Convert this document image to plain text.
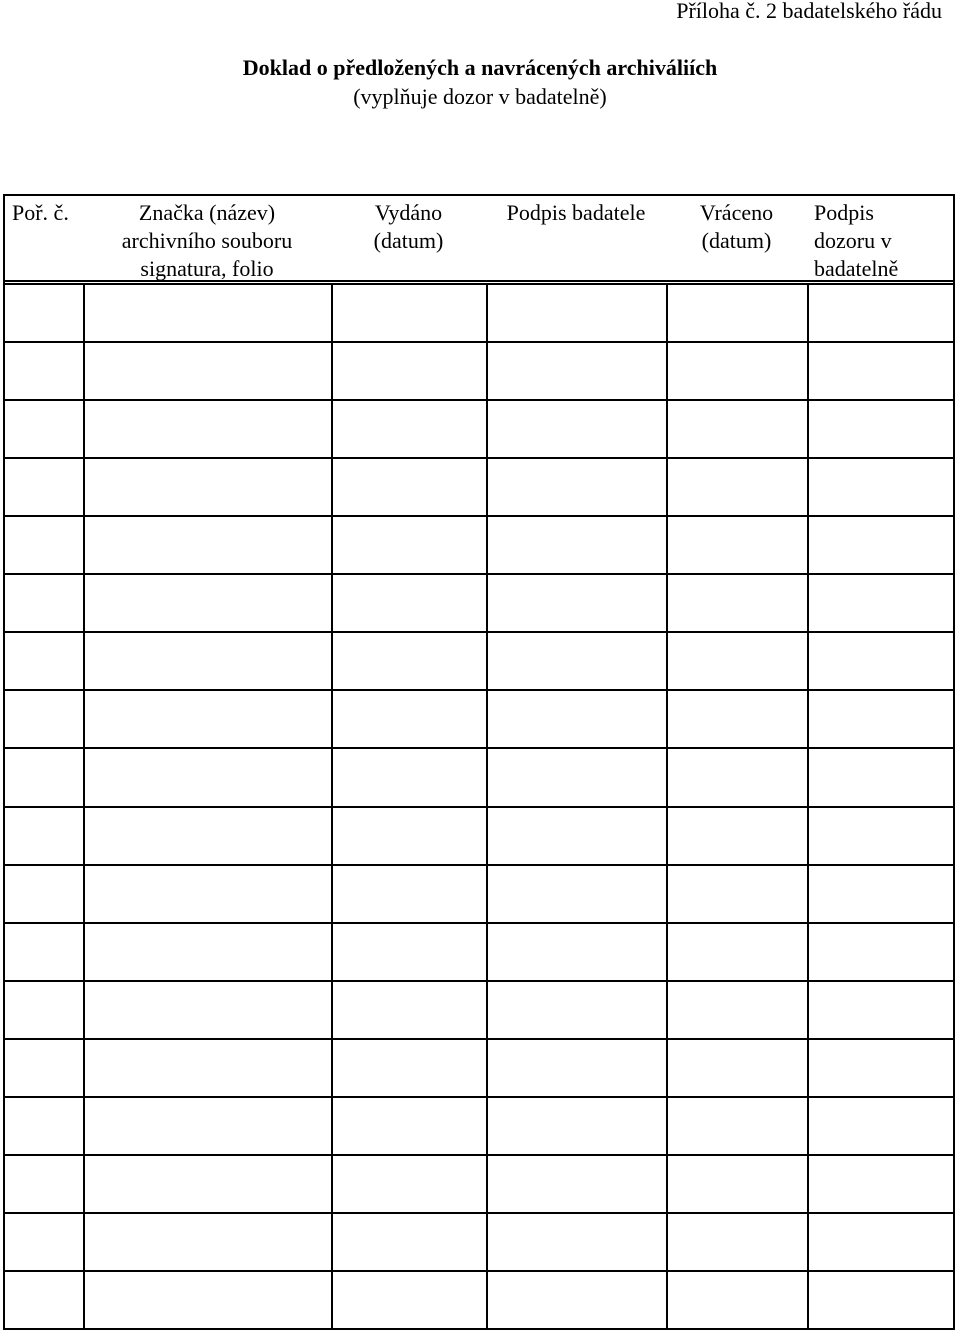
Příloha č. 2 badatelského řádu
Doklad o předložených a navrácených archiváliích
(vyplňuje dozor v badatelně)
Poř. č.	Značka (název)
archivního souboru
signatura, folio
Vydáno
(datum)
Podpis badatele	Vráceno
(datum)
Podpis
dozoru v
badatelně
